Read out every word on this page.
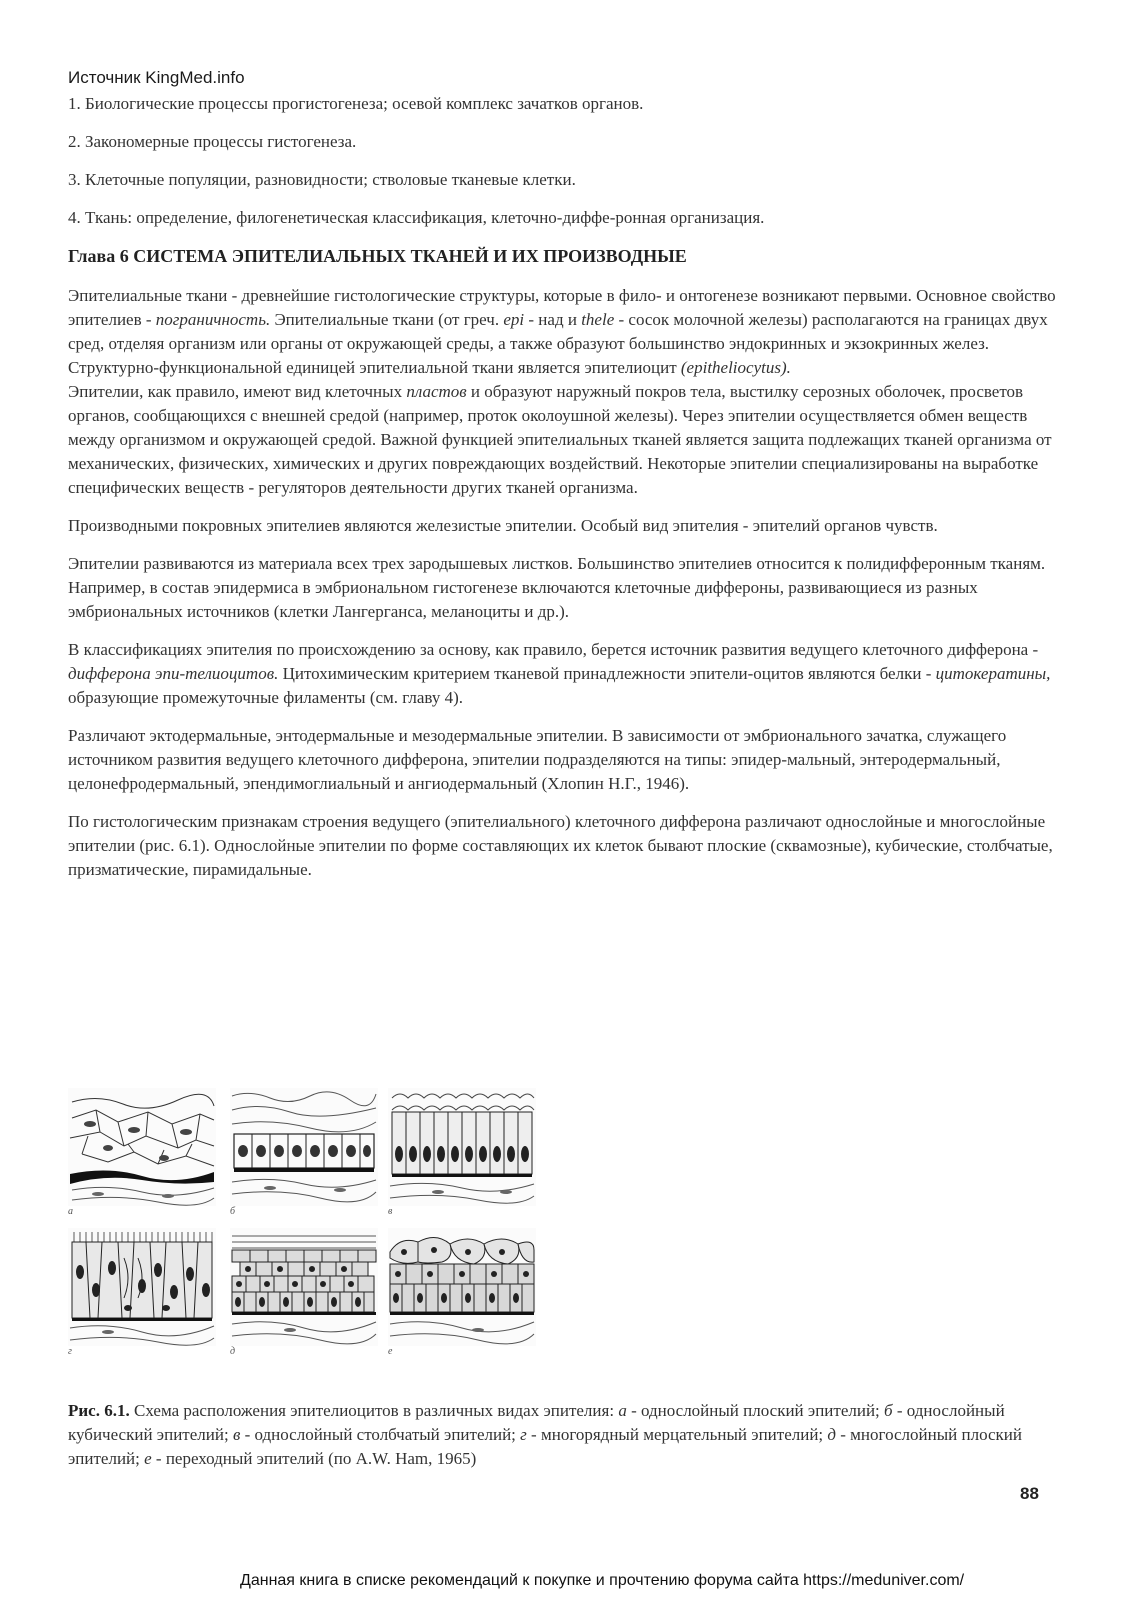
Источник KingMed.info

1. Биологические процессы прогистогенеза; осевой комплекс зачатков органов.

2. Закономерные процессы гистогенеза.

3. Клеточные популяции, разновидности; стволовые тканевые клетки.

4. Ткань: определение, филогенетическая классификация, клеточно-диффе-ронная организация.

Глава 6 СИСТЕМА ЭПИТЕЛИАЛЬНЫХ ТКАНЕЙ И ИХ ПРОИЗВОДНЫЕ

Эпителиальные ткани - древнейшие гистологические структуры, которые в фило- и онтогенезе возникают первыми. Основное свойство эпителиев - пограничность. Эпителиальные ткани (от греч. epi - над и thele - сосок молочной железы) располагаются на границах двух сред, отделяя организм или органы от окружающей среды, а также образуют большинство эндокринных и экзокринных желез. Структурно-функциональной единицей эпителиальной ткани является эпителиоцит (epitheliocytus).
Эпителии, как правило, имеют вид клеточных пластов и образуют наружный покров тела, выстилку серозных оболочек, просветов органов, сообщающихся с внешней средой (например, проток околоушной железы). Через эпителии осуществляется обмен веществ между организмом и окружающей средой. Важной функцией эпителиальных тканей является защита подлежащих тканей организма от механических, физических, химических и других повреждающих воздействий. Некоторые эпителии специализированы на выработке специфических веществ - регуляторов деятельности других тканей организма.

Производными покровных эпителиев являются железистые эпителии. Особый вид эпителия - эпителий органов чувств.

Эпителии развиваются из материала всех трех зародышевых листков. Большинство эпителиев относится к полидифферонным тканям. Например, в состав эпидермиса в эмбриональном гистогенезе включаются клеточные диффероны, развивающиеся из разных эмбриональных источников (клетки Лангерганса, меланоциты и др.).

В классификациях эпителия по происхождению за основу, как правило, берется источник развития ведущего клеточного дифферона - дифферона эпи-телиоцитов. Цитохимическим критерием тканевой принадлежности эпители-оцитов являются белки - цитокератины, образующие промежуточные филаменты (см. главу 4).

Различают эктодермальные, энтодермальные и мезодермальные эпителии. В зависимости от эмбрионального зачатка, служащего источником развития ведущего клеточного дифферона, эпителии подразделяются на типы: эпидер-мальный, энтеродермальный, целонефродермальный, эпендимоглиальный и ангиодермальный (Хлопин Н.Г., 1946).

По гистологическим признакам строения ведущего (эпителиального) клеточного дифферона различают однослойные и многослойные эпителии (рис. 6.1). Однослойные эпителии по форме составляющих их клеток бывают плоские (сквамозные), кубические, столбчатые, призматические, пирамидальные.

а	б	в
г	д	е

Рис. 6.1. Схема расположения эпителиоцитов в различных видах эпителия: а - однослойный плоский эпителий; б - однослойный кубический эпителий; в - однослойный столбчатый эпителий; г - многорядный мерцательный эпителий; д - многослойный плоский эпителий; е - переходный эпителий (по A.W. Ham, 1965)

88
Данная книга в списке рекомендаций к покупке и прочтению форума сайта https://meduniver.com/
